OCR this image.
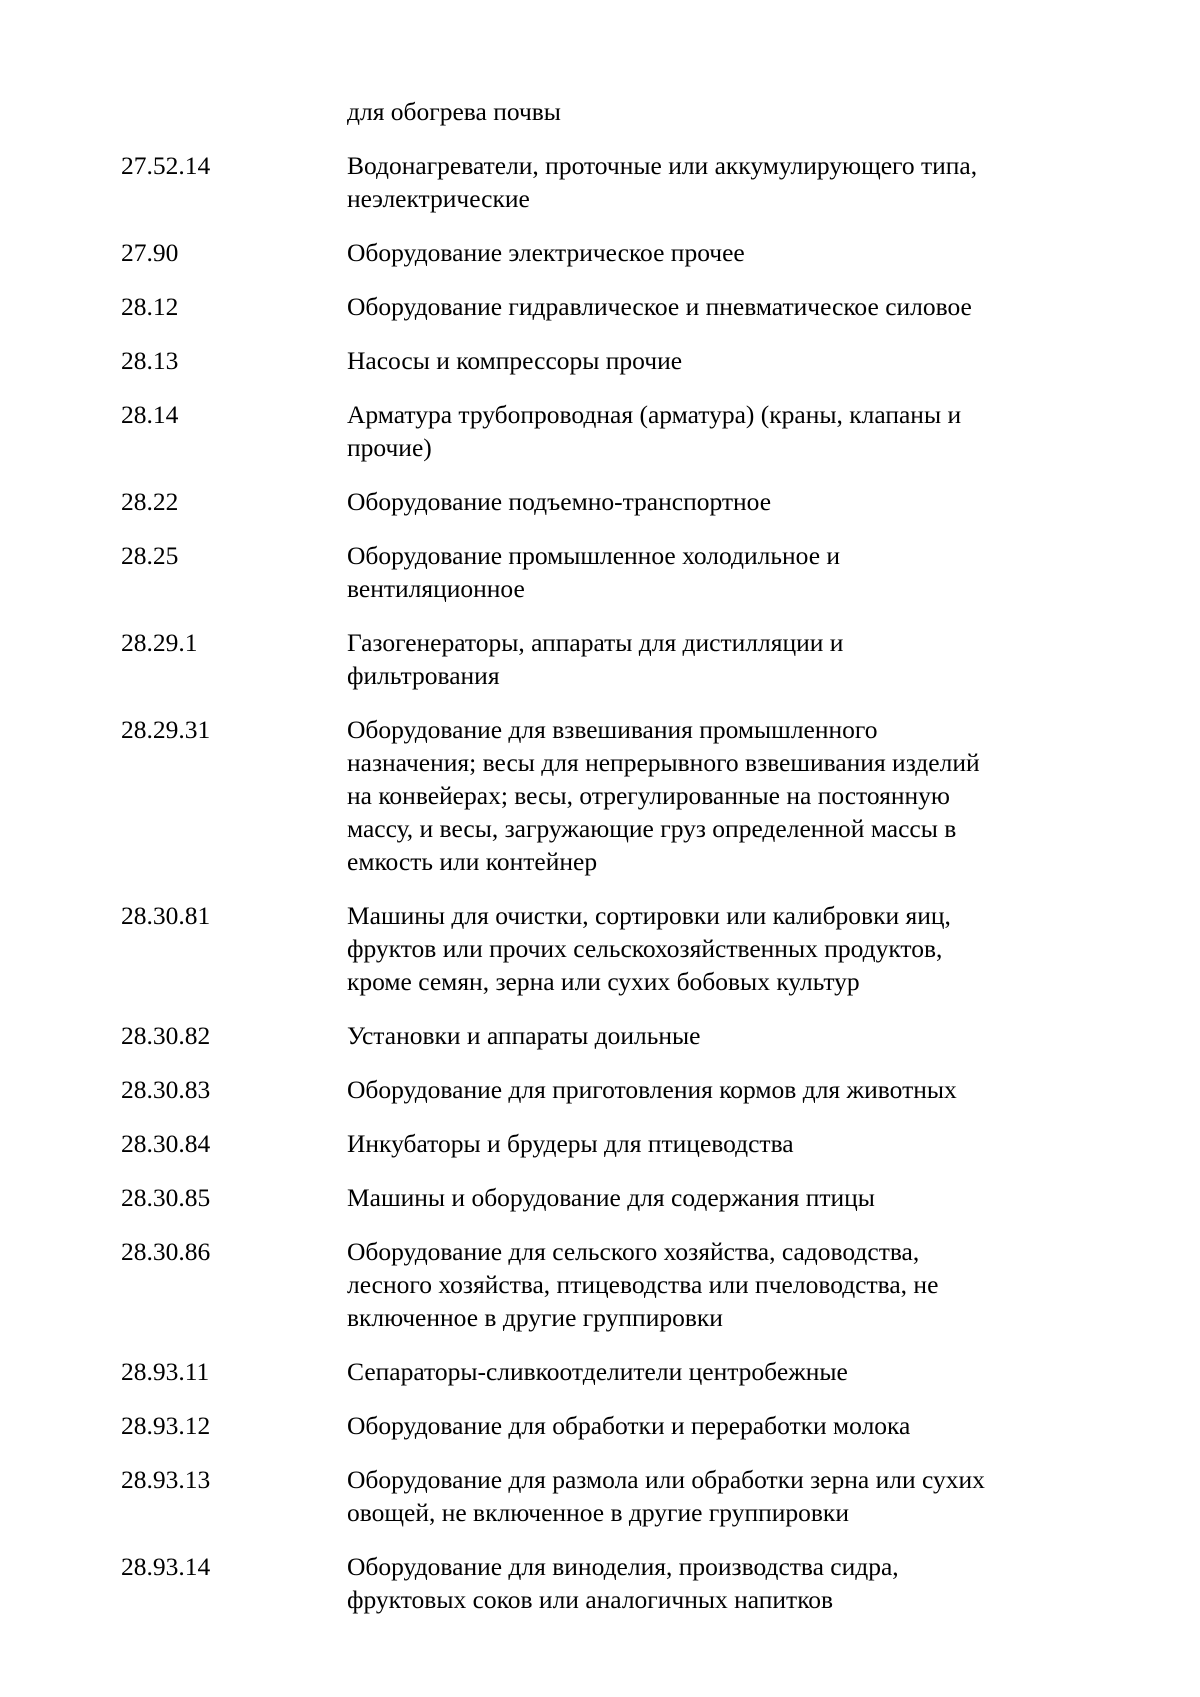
для обогрева почвы
27.52.14	Водонагреватели, проточные или аккумулирующего типа,
неэлектрические
27.90	Оборудование электрическое прочее
28.12	Оборудование гидравлическое и пневматическое силовое
28.13	Насосы и компрессоры прочие
28.14	Арматура трубопроводная (арматура) (краны, клапаны и
прочие)
28.22	Оборудование подъемно-транспортное
28.25	Оборудование промышленное холодильное и
вентиляционное
28.29.1	Газогенераторы, аппараты для дистилляции и
фильтрования
28.29.31	Оборудование для взвешивания промышленного
назначения; весы для непрерывного взвешивания изделий
на конвейерах; весы, отрегулированные на постоянную
массу, и весы, загружающие груз определенной массы в
емкость или контейнер
28.30.81	Машины для очистки, сортировки или калибровки яиц,
фруктов или прочих сельскохозяйственных продуктов,
кроме семян, зерна или сухих бобовых культур
28.30.82	Установки и аппараты доильные
28.30.83	Оборудование для приготовления кормов для животных
28.30.84	Инкубаторы и брудеры для птицеводства
28.30.85	Машины и оборудование для содержания птицы
28.30.86	Оборудование для сельского хозяйства, садоводства,
лесного хозяйства, птицеводства или пчеловодства, не
включенное в другие группировки
28.93.11	Сепараторы-сливкоотделители центробежные
28.93.12	Оборудование для обработки и переработки молока
28.93.13	Оборудование для размола или обработки зерна или сухих
овощей, не включенное в другие группировки
28.93.14	Оборудование для виноделия, производства сидра,
фруктовых соков или аналогичных напитков
